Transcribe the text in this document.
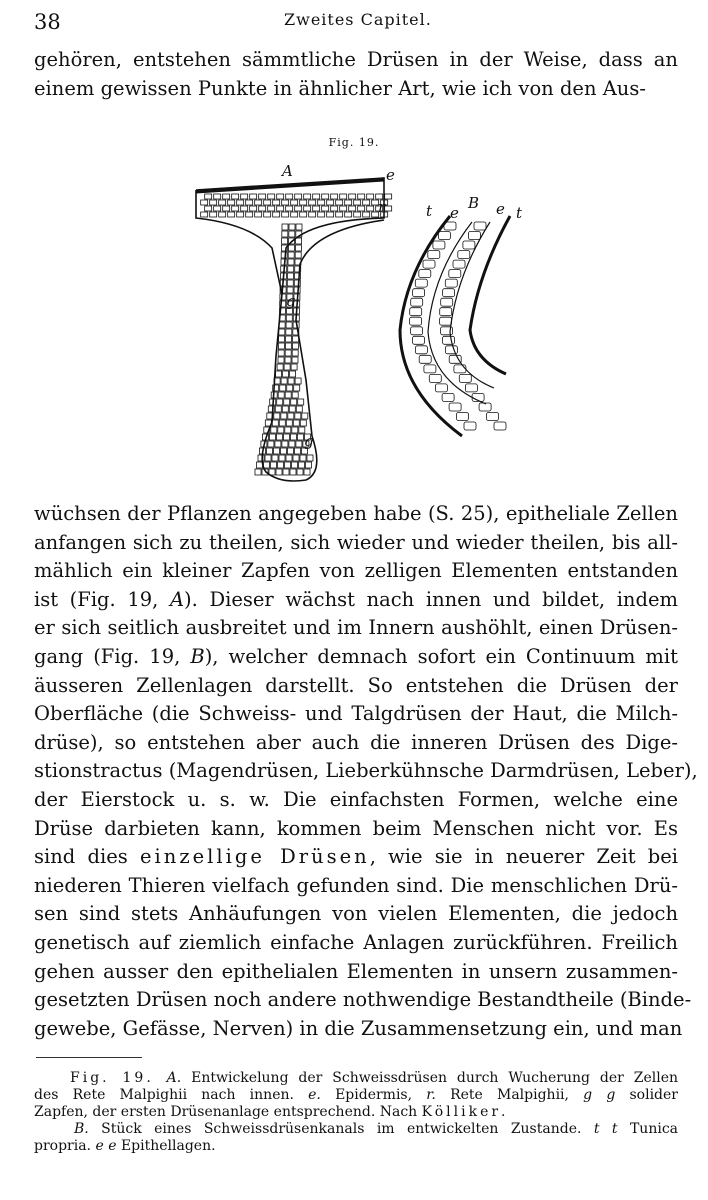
38	Zweites Capitel.

gehören, entstehen sämmtliche Drüsen in der Weise, dass an
einem gewissen Punkte in ähnlicher Art, wie ich von den Aus-

Fig. 19.
A	e
r
g
g
t e
B e t

wüchsen der Pflanzen angegeben habe (S. 25), epitheliale Zellen
anfangen sich zu theilen, sich wieder und wieder theilen, bis all-
mählich ein kleiner Zapfen von zelligen Elementen entstanden
ist (Fig. 19, A). Dieser wächst nach innen und bildet, indem
er sich seitlich ausbreitet und im Innern aushöhlt, einen Drüsen-
gang (Fig. 19, B), welcher demnach sofort ein Continuum mit
äusseren Zellenlagen darstellt. So entstehen die Drüsen der
Oberfläche (die Schweiss- und Talgdrüsen der Haut, die Milch-
drüse), so entstehen aber auch die inneren Drüsen des Dige-
stionstractus (Magendrüsen, Lieberkühnsche Darmdrüsen, Leber),
der Eierstock u. s. w. Die einfachsten Formen, welche eine
Drüse darbieten kann, kommen beim Menschen nicht vor. Es
sind dies einzellige Drüsen, wie sie in neuerer Zeit bei
niederen Thieren vielfach gefunden sind. Die menschlichen Drü-
sen sind stets Anhäufungen von vielen Elementen, die jedoch
genetisch auf ziemlich einfache Anlagen zurückführen. Freilich
gehen ausser den epithelialen Elementen in unsern zusammen-
gesetzten Drüsen noch andere nothwendige Bestandtheile (Binde-
gewebe, Gefässe, Nerven) in die Zusammensetzung ein, und man

Fig. 19. A. Entwickelung der Schweissdrüsen durch Wucherung der Zellen
des Rete Malpighii nach innen. e. Epidermis, r. Rete Malpighii, g g solider
Zapfen, der ersten Drüsenanlage entsprechend. Nach Kölliker.
B. Stück eines Schweissdrüsenkanals im entwickelten Zustande. t t Tunica
propria. e e Epithellagen.
